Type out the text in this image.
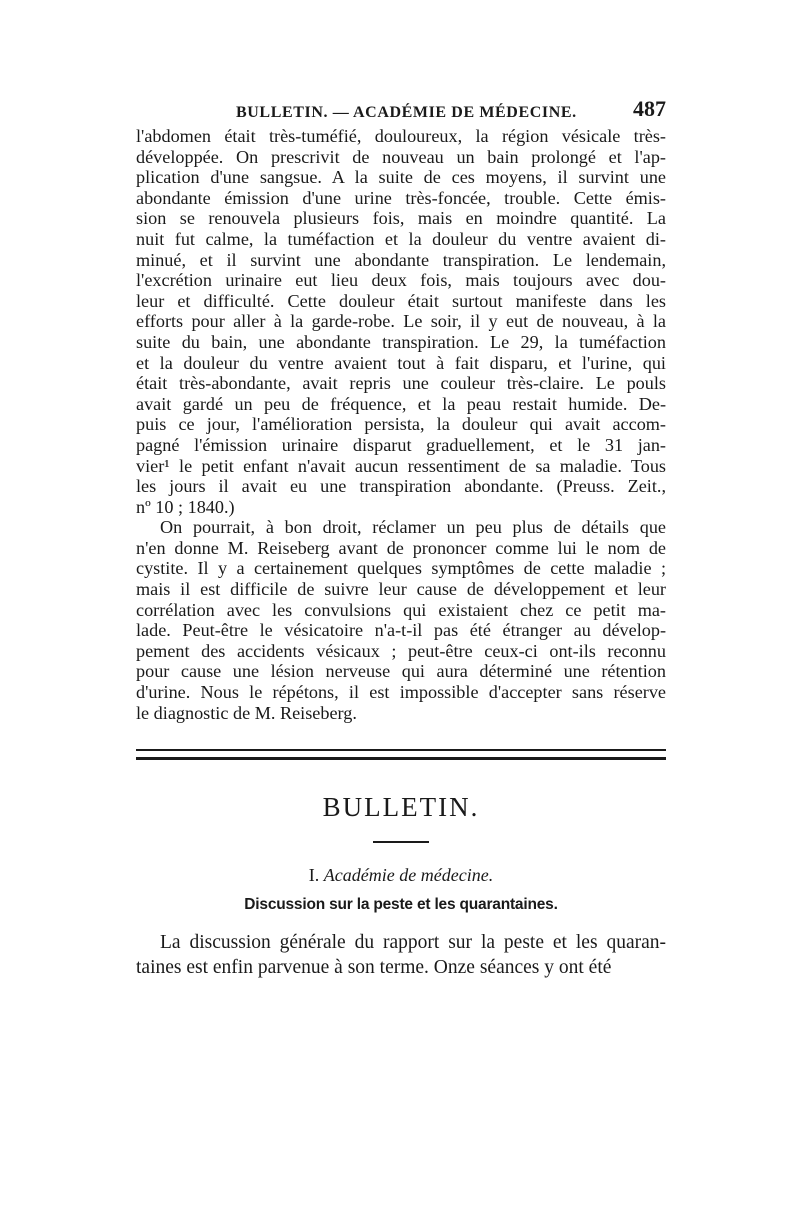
BULLETIN. — ACADÉMIE DE MÉDECINE.	487
l'abdomen était très-tuméfié, douloureux, la région vésicale très-
développée. On prescrivit de nouveau un bain prolongé et l'ap-
plication d'une sangsue. A la suite de ces moyens, il survint une
abondante émission d'une urine très-foncée, trouble. Cette émis-
sion se renouvela plusieurs fois, mais en moindre quantité. La
nuit fut calme, la tuméfaction et la douleur du ventre avaient di-
minué, et il survint une abondante transpiration. Le lendemain,
l'excrétion urinaire eut lieu deux fois, mais toujours avec dou-
leur et difficulté. Cette douleur était surtout manifeste dans les
efforts pour aller à la garde-robe. Le soir, il y eut de nouveau, à la
suite du bain, une abondante transpiration. Le 29, la tuméfaction
et la douleur du ventre avaient tout à fait disparu, et l'urine, qui
était très-abondante, avait repris une couleur très-claire. Le pouls
avait gardé un peu de fréquence, et la peau restait humide. De-
puis ce jour, l'amélioration persista, la douleur qui avait accom-
pagné l'émission urinaire disparut graduellement, et le 31 jan-
vier¹ le petit enfant n'avait aucun ressentiment de sa maladie. Tous
les jours il avait eu une transpiration abondante. (Preuss. Zeit.,
nº 10 ; 1840.)
On pourrait, à bon droit, réclamer un peu plus de détails que
n'en donne M. Reiseberg avant de prononcer comme lui le nom de
cystite. Il y a certainement quelques symptômes de cette maladie ;
mais il est difficile de suivre leur cause de développement et leur
corrélation avec les convulsions qui existaient chez ce petit ma-
lade. Peut-être le vésicatoire n'a-t-il pas été étranger au dévelop-
pement des accidents vésicaux ; peut-être ceux-ci ont-ils reconnu
pour cause une lésion nerveuse qui aura déterminé une rétention
d'urine. Nous le répétons, il est impossible d'accepter sans réserve
le diagnostic de M. Reiseberg.
BULLETIN.
I. Académie de médecine.
Discussion sur la peste et les quarantaines.
La discussion générale du rapport sur la peste et les quaran-
taines est enfin parvenue à son terme. Onze séances y ont été
